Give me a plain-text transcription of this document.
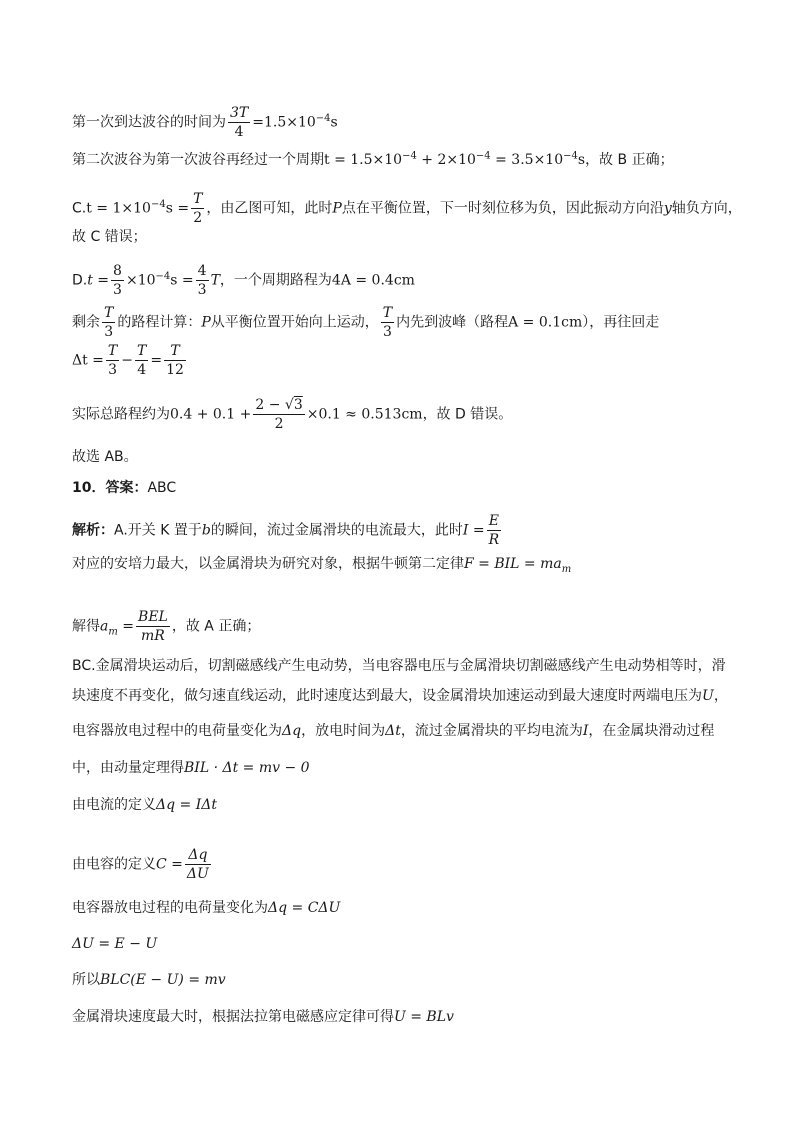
第一次到达波谷的时间为 $\frac{3T}{4} =1.5\times 10^{-4}s$
第二次波谷为第一次波谷再经过一个周期$t = 1.5\times 10^{-4} + 2\times 10^{-4} = 3.5\times 10^{-4}s$，故 B 正确；
$C.t = 1\times 10^{-4}s = \frac{T}{2}$ ，由乙图可知，此时P点在平衡位置，下一时刻位移为负，因此振动方向沿y轴负方向，
故 C 错误；
$D.t = \frac{8}{3} \times 10^{-4}s = \frac{4}{3}$ T，一个周期路程为4A = 0.4cm
剩余 $\frac{T}{3}$ 的路程计算：P从平衡位置开始向上运动， $\frac{T}{3}$ 内先到波峰（路程A = 0.1cm），再往回走
$\Delta t = \frac{T}{3} - \frac{T}{4} = \frac{T}{12}$
实际总路程约为$0.4 + 0.1 + \frac{2 - √3}{2} \times 0.1 \approx 0.513cm$，故 D 错误。
故选 AB。
10．答案：ABC
解析：A.开关 K 置于b的瞬间，流过金属滑块的电流最大，此时$I = \frac{E}{R}$
对应的安培力最大，以金属滑块为研究对象，根据牛顿第二定律F = BIL = $ma_m$
解得$a_m = \frac{\text{BEL}}{mR}$ ，故 A 正确；
BC.金属滑块运动后，切割磁感线产生电动势，当电容器电压与金属滑块切割磁感线产生电动势相等时，滑
块速度不再变化，做匀速直线运动，此时速度达到最大，设金属滑块加速运动到最大速度时两端电压为U，
电容器放电过程中的电荷量变化为Δq，放电时间为Δt，流过金属滑块的平均电流为I，在金属块滑动过程
中，由动量定理得BIL · Δt = mv − 0
由电流的定义Δq = IΔt
由电容的定义$C = \frac{\Delta q}{\Delta U}$
电容器放电过程的电荷量变化为Δq = CΔU
ΔU = E − U
所以BLC(E − U) = mv
金属滑块速度最大时，根据法拉第电磁感应定律可得U = BLv
